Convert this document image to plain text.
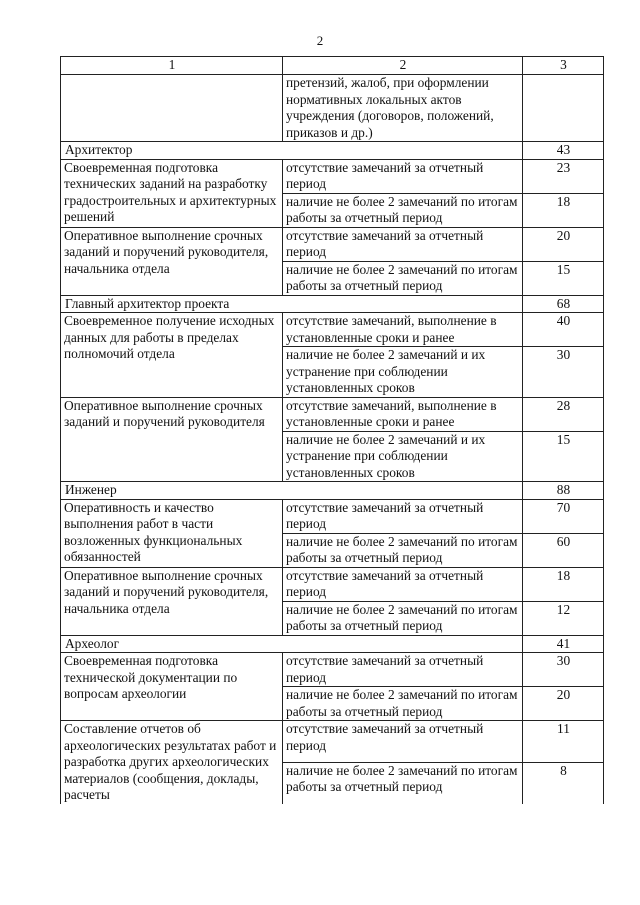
2
1	2	3
	претензий, жалоб, при оформлении нормативных локальных актов учреждения (договоров, положений, приказов и др.)	
Архитектор		43
Своевременная подготовка технических заданий на разработку градостроительных и архитектурных решений	отсутствие замечаний за отчетный период	23
	наличие не более 2 замечаний по итогам работы за отчетный период	18
Оперативное выполнение срочных заданий и поручений руководителя, начальника отдела	отсутствие замечаний за отчетный период	20
	наличие не более 2 замечаний по итогам работы за отчетный период	15
Главный архитектор проекта		68
Своевременное получение исходных данных для работы в пределах полномочий отдела	отсутствие замечаний, выполнение в установленные сроки и ранее	40
	наличие не более 2 замечаний и их устранение при соблюдении установленных сроков	30
Оперативное выполнение срочных заданий и поручений руководителя	отсутствие замечаний, выполнение в установленные сроки и ранее	28
	наличие не более 2 замечаний и их устранение при соблюдении установленных сроков	15
Инженер		88
Оперативность и качество выполнения работ в части возложенных функциональных обязанностей	отсутствие замечаний за отчетный период	70
	наличие не более 2 замечаний по итогам работы за отчетный период	60
Оперативное выполнение срочных заданий и поручений руководителя, начальника отдела	отсутствие замечаний за отчетный период	18
	наличие не более 2 замечаний по итогам работы за отчетный период	12
Археолог		41
Своевременная подготовка технической документации по вопросам археологии	отсутствие замечаний за отчетный период	30
	наличие не более 2 замечаний по итогам работы за отчетный период	20
Составление отчетов об археологических результатах работ и разработка других археологических материалов (сообщения, доклады, расчеты	отсутствие замечаний за отчетный период	11
	наличие не более 2 замечаний по итогам работы за отчетный период	8
